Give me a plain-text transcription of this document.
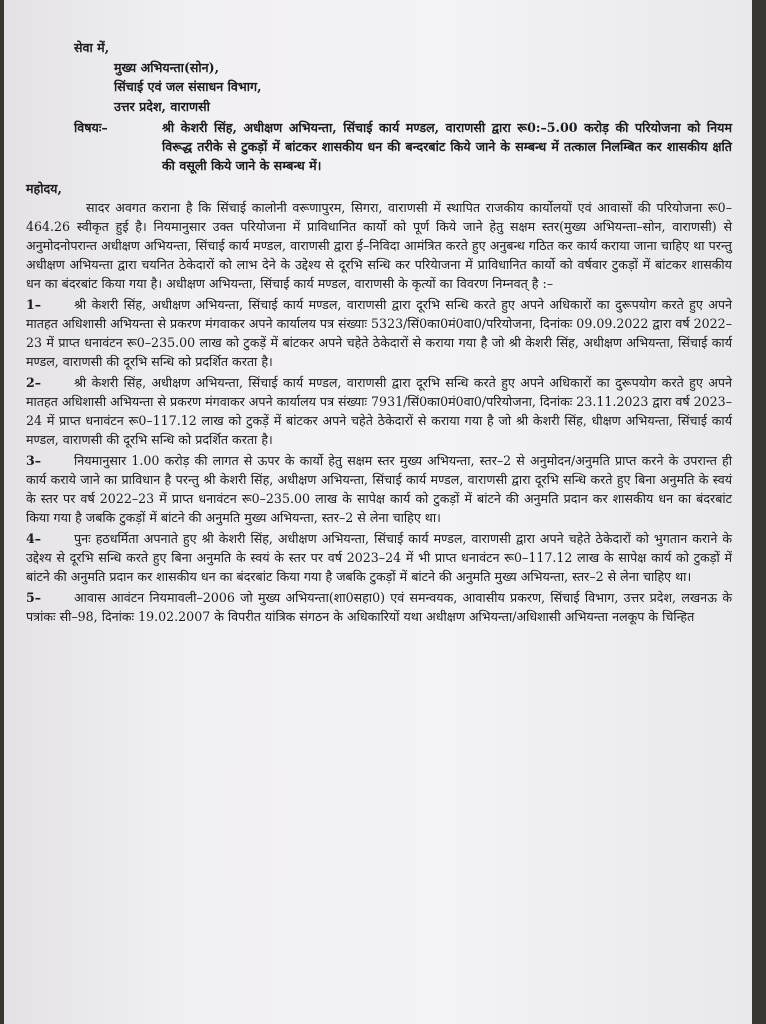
सेवा में,
मुख्य अभियन्ता(सोन),
सिंचाई एवं जल संसाधन विभाग,
उत्तर प्रदेश, वाराणसी
विषयः–	श्री केशरी सिंह, अधीक्षण अभियन्ता, सिंचाई कार्य मण्डल, वाराणसी द्वारा रू0:–5.00 करोड़ की परियोजना को नियम विरूद्ध तरीके से टुकड़ों में बांटकर शासकीय धन की बन्दरबांट किये जाने के सम्बन्ध में तत्काल निलम्बित कर शासकीय क्षति की वसूली किये जाने के सम्बन्ध में।
महोदय,

सादर अवगत कराना है कि सिंचाई कालोनी वरूणापुरम, सिगरा, वाराणसी में स्थापित राजकीय कार्योलयों एवं आवासों की परियोजना रू0–464.26 स्वीकृत हुई है। नियमानुसार उक्त परियोजना में प्राविधानित कार्यो को पूर्ण किये जाने हेतु सक्षम स्तर(मुख्य अभियन्ता–सोन, वाराणसी) से अनुमोदनोपरान्त अधीक्षण अभियन्ता, सिंचाई कार्य मण्डल, वाराणसी द्वारा ई–निविदा आमंत्रित करते हुए अनुबन्ध गठित कर कार्य कराया जाना चाहिए था परन्तु अधीक्षण अभियन्ता द्वारा चयनित ठेकेदारों को लाभ देने के उद्देश्य से दूरभि सन्धि कर परियेाजना में प्राविधानित कार्यो को वर्षवार टुकड़ों में बांटकर शासकीय धन का बंदरबांट किया गया है। अधीक्षण अभियन्ता, सिंचाई कार्य मण्डल, वाराणसी के कृत्यों का विवरण निम्नवत् है :–

1–	श्री केशरी सिंह, अधीक्षण अभियन्ता, सिंचाई कार्य मण्डल, वाराणसी द्वारा दूरभि सन्धि करते हुए अपने अधिकारों का दुरूपयोग करते हुए अपने मातहत अधिशासी अभियन्ता से प्रकरण मंगवाकर अपने कार्यालय पत्र संख्याः 5323/सिं0का0मं0वा0/परियोजना, दिनांकः 09.09.2022 द्वारा वर्ष 2022–23 में प्राप्त धनावंटन रू0–235.00 लाख को टुकड़ें में बांटकर अपने चहेते ठेकेदारों से कराया गया है जो श्री केशरी सिंह, अधीक्षण अभियन्ता, सिंचाई कार्य मण्डल, वाराणसी की दूरभि सन्धि को प्रदर्शित करता है।

2–	श्री केशरी सिंह, अधीक्षण अभियन्ता, सिंचाई कार्य मण्डल, वाराणसी द्वारा दूरभि सन्धि करते हुए अपने अधिकारों का दुरूपयोग करते हुए अपने मातहत अधिशासी अभियन्ता से प्रकरण मंगवाकर अपने कार्यालय पत्र संख्याः 7931/सिं0का0मं0वा0/परियोजना, दिनांकः 23.11.2023 द्वारा वर्ष 2023–24 में प्राप्त धनावंटन रू0–117.12 लाख को टुकड़ें में बांटकर अपने चहेते ठेकेदारों से कराया गया है जो श्री केशरी सिंह, धीक्षण अभियन्ता, सिंचाई कार्य मण्डल, वाराणसी की दूरभि सन्धि को प्रदर्शित करता है।

3–	नियमानुसार 1.00 करोड़ की लागत से ऊपर के कार्यो हेतु सक्षम स्तर मुख्य अभियन्ता, स्तर–2 से अनुमोदन/अनुमति प्राप्त करने के उपरान्त ही कार्य कराये जाने का प्राविधान है परन्तु श्री केशरी सिंह, अधीक्षण अभियन्ता, सिंचाई कार्य मण्डल, वाराणसी द्वारा दूरभि सन्धि करते हुए बिना अनुमति के स्वयं के स्तर पर वर्ष 2022–23 में प्राप्त धनावंटन रू0–235.00 लाख के सापेक्ष कार्य को टुकड़ों में बांटने की अनुमति प्रदान कर शासकीय धन का बंदरबांट किया गया है जबकि टुकड़ों में बांटने की अनुमति मुख्य अभियन्ता, स्तर–2 से लेना चाहिए था।

4–	पुनः हठधर्मिता अपनाते हुए श्री केशरी सिंह, अधीक्षण अभियन्ता, सिंचाई कार्य मण्डल, वाराणसी द्वारा अपने चहेते ठेकेदारों को भुगतान कराने के उद्देश्य से दूरभि सन्धि करते हुए बिना अनुमति के स्वयं के स्तर पर वर्ष 2023–24 में भी प्राप्त धनावंटन रू0–117.12 लाख के सापेक्ष कार्य को टुकड़ों में बांटने की अनुमति प्रदान कर शासकीय धन का बंदरबांट किया गया है जबकि टुकड़ों में बांटने की अनुमति मुख्य अभियन्ता, स्तर–2 से लेना चाहिए था।

5–	आवास आवंटन नियमावली–2006 जो मुख्य अभियन्ता(शा0सहा0) एवं समन्वयक, आवासीय प्रकरण, सिंचाई विभाग, उत्तर प्रदेश, लखनऊ के पत्रांकः सी–98, दिनांकः 19.02.2007 के विपरीत यांत्रिक संगठन के अधिकारियों यथा अधीक्षण अभियन्ता/अधिशासी अभियन्ता नलकूप के चिन्हित
